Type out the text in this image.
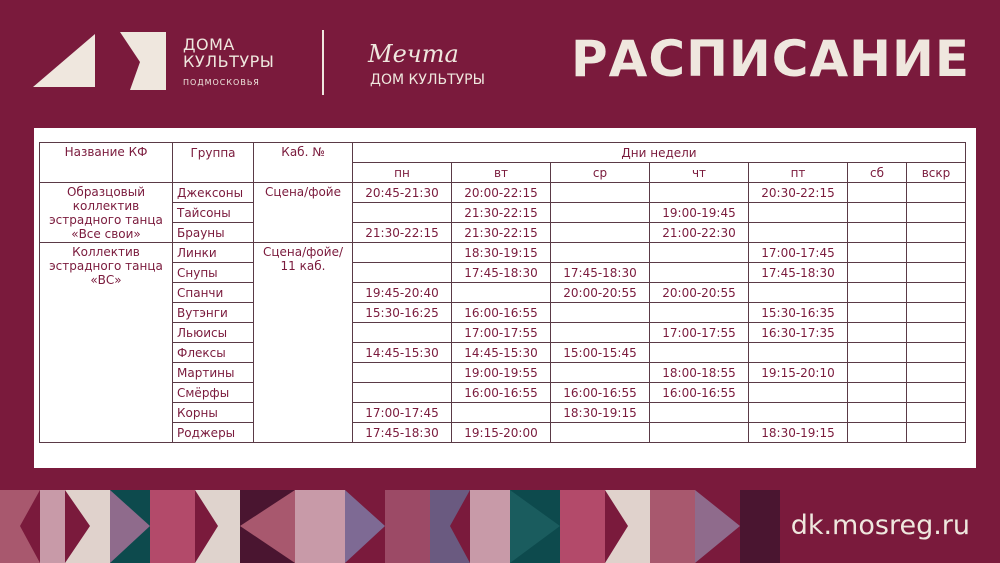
ДОМА
КУЛЬТУРЫ
ПОДМОСКОВЬЯ
Мечта
ДОМ КУЛЬТУРЫ РАСПИСАНИЕ
Название КФ	Группа	Каб. №	Дни недели						
			пн	вт	ср	чт	пт	сб	вскр
Образцовый коллектив эстрадного танца «Все свои»	Джексоны	Сцена/фойе	20:45-21:30	20:00-22:15			20:30-22:15		
	Тайсоны			21:30-22:15		19:00-19:45			
	Брауны		21:30-22:15	21:30-22:15		21:00-22:30			
Коллектив эстрадного танца «ВС»	Линки	Сцена/фойе/ 11 каб.		18:30-19:15			17:00-17:45		
	Снупы			17:45-18:30	17:45-18:30		17:45-18:30		
	Спанчи		19:45-20:40		20:00-20:55	20:00-20:55			
	Вутэнги		15:30-16:25	16:00-16:55			15:30-16:35		
	Льюисы			17:00-17:55		17:00-17:55	16:30-17:35		
	Флексы		14:45-15:30	14:45-15:30	15:00-15:45				
	Мартины			19:00-19:55		18:00-18:55	19:15-20:10		
	Смёрфы			16:00-16:55	16:00-16:55	16:00-16:55			
	Корны		17:00-17:45		18:30-19:15				
	Роджеры		17:45-18:30	19:15-20:00			18:30-19:15		
dk.mosreg.ru
